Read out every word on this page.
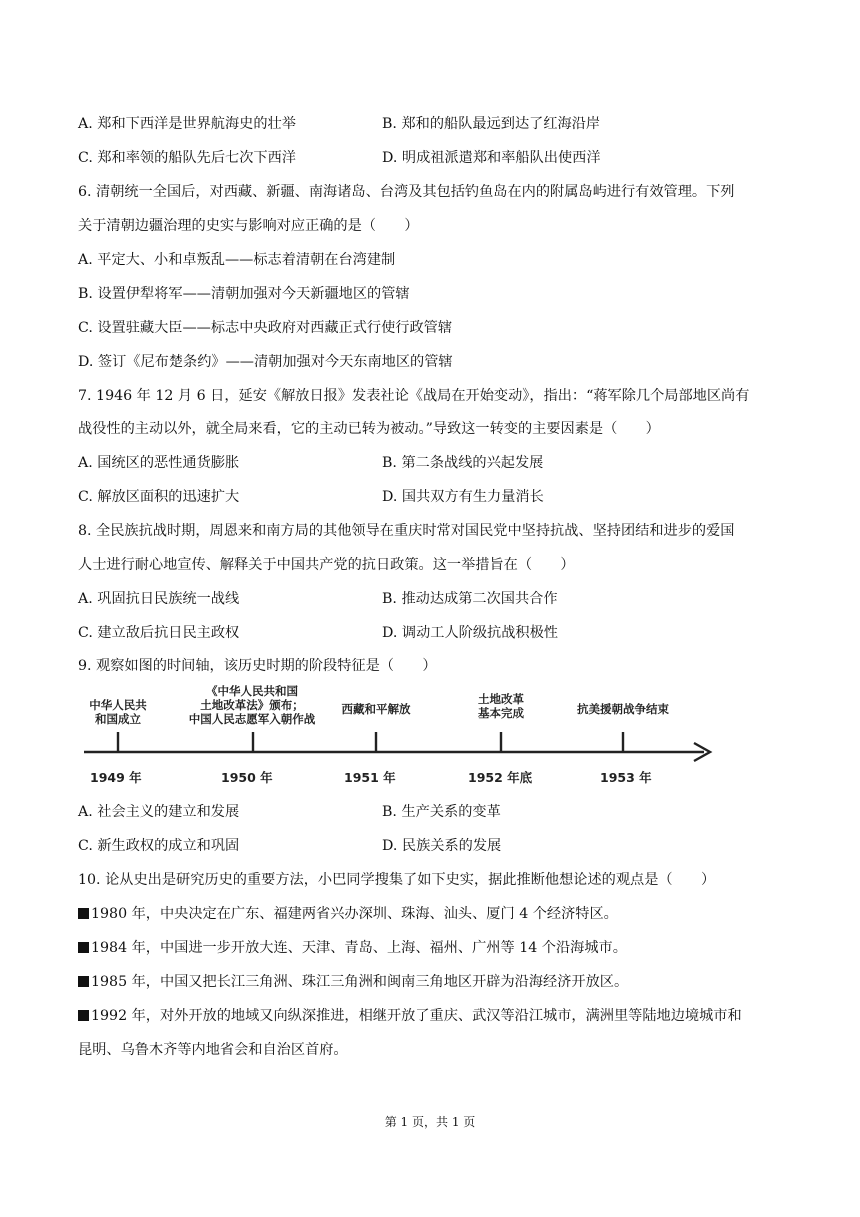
A. 郑和下西洋是世界航海史的壮举	B. 郑和的船队最远到达了红海沿岸
C. 郑和率领的船队先后七次下西洋	D. 明成祖派遣郑和率船队出使西洋
6. 清朝统一全国后，对西藏、新疆、南海诸岛、台湾及其包括钓鱼岛在内的附属岛屿进行有效管理。下列
关于清朝边疆治理的史实与影响对应正确的是（　　）
A. 平定大、小和卓叛乱——标志着清朝在台湾建制
B. 设置伊犁将军——清朝加强对今天新疆地区的管辖
C. 设置驻藏大臣——标志中央政府对西藏正式行使行政管辖
D. 签订《尼布楚条约》——清朝加强对今天东南地区的管辖
7. 1946 年 12 月 6 日，延安《解放日报》发表社论《战局在开始变动》，指出：“蒋军除几个局部地区尚有
战役性的主动以外，就全局来看，它的主动已转为被动。”导致这一转变的主要因素是（　　）
A. 国统区的恶性通货膨胀	B. 第二条战线的兴起发展
C. 解放区面积的迅速扩大	D. 国共双方有生力量消长
8. 全民族抗战时期，周恩来和南方局的其他领导在重庆时常对国民党中坚持抗战、坚持团结和进步的爱国
人士进行耐心地宣传、解释关于中国共产党的抗日政策。这一举措旨在（　　）
A. 巩固抗日民族统一战线	B. 推动达成第二次国共合作
C. 建立敌后抗日民主政权	D. 调动工人阶级抗战积极性
9. 观察如图的时间轴，该历史时期的阶段特征是（　　）
中华人民共
和国成立
《中华人民共和国
土地改革法》颁布；
中国人民志愿军入朝作战
西藏和平解放
土地改革
基本完成	抗美援朝战争结束
1949 年	1950 年	1951 年	1952 年底	1953 年
A. 社会主义的建立和发展	B. 生产关系的变革
C. 新生政权的成立和巩固	D. 民族关系的发展
10. 论从史出是研究历史的重要方法，小巴同学搜集了如下史实，据此推断他想论述的观点是（　　）
1980 年，中央决定在广东、福建两省兴办深圳、珠海、汕头、厦门 4 个经济特区。
1984 年，中国进一步开放大连、天津、青岛、上海、福州、广州等 14 个沿海城市。
1985 年，中国又把长江三角洲、珠江三角洲和闽南三角地区开辟为沿海经济开放区。
1992 年，对外开放的地域又向纵深推进，相继开放了重庆、武汉等沿江城市，满洲里等陆地边境城市和
昆明、乌鲁木齐等内地省会和自治区首府。
第 1 页，共 1 页
